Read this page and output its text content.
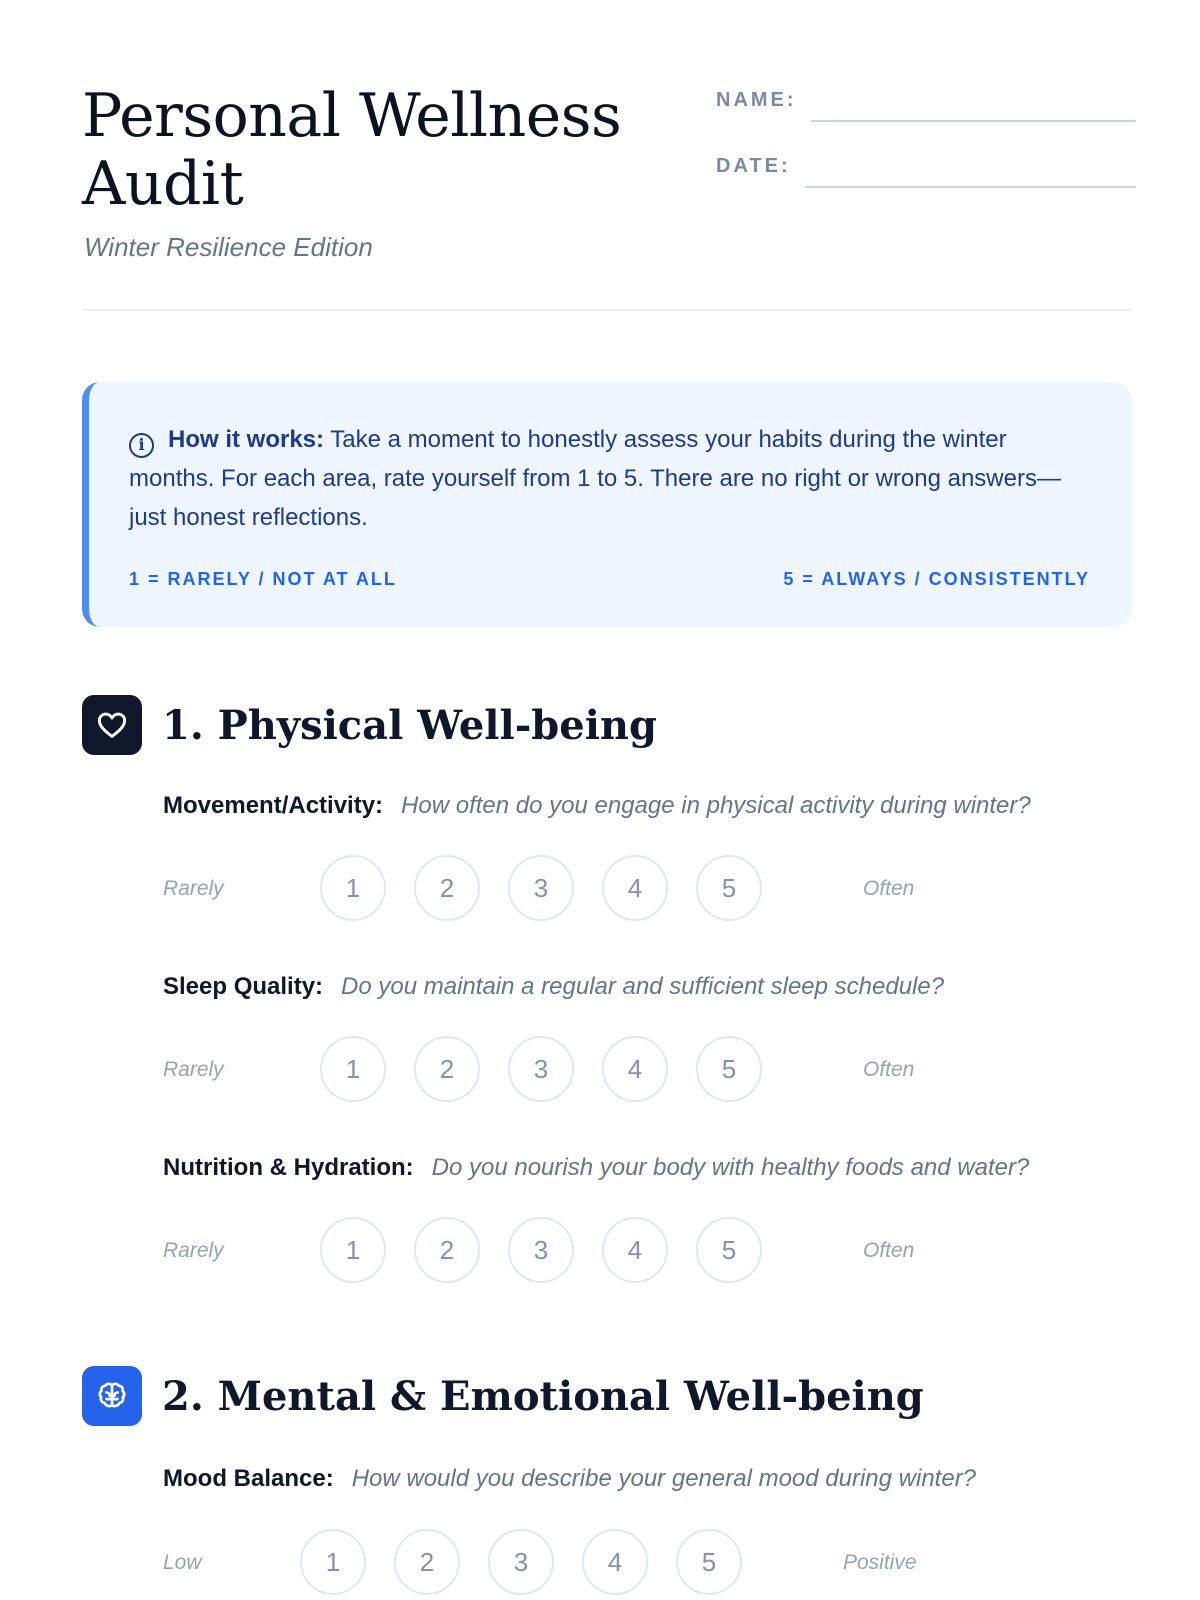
Personal Wellness Audit
Winter Resilience Edition
NAME:
DATE:

i How it works: Take a moment to honestly assess your habits during the winter months. For each area, rate yourself from 1 to 5. There are no right or wrong answers—just honest reflections.

1 = RARELY / NOT AT ALL	5 = ALWAYS / CONSISTENTLY
1. Physical Well-being
Movement/Activity: How often do you engage in physical activity during winter?
Rarely	1	2	3	4	5	Often
Sleep Quality: Do you maintain a regular and sufficient sleep schedule?
Rarely	1	2	3	4	5	Often
Nutrition & Hydration: Do you nourish your body with healthy foods and water?
Rarely	1	2	3	4	5	Often
2. Mental & Emotional Well-being
Mood Balance: How would you describe your general mood during winter?
Low	1	2	3	4	5	Positive
